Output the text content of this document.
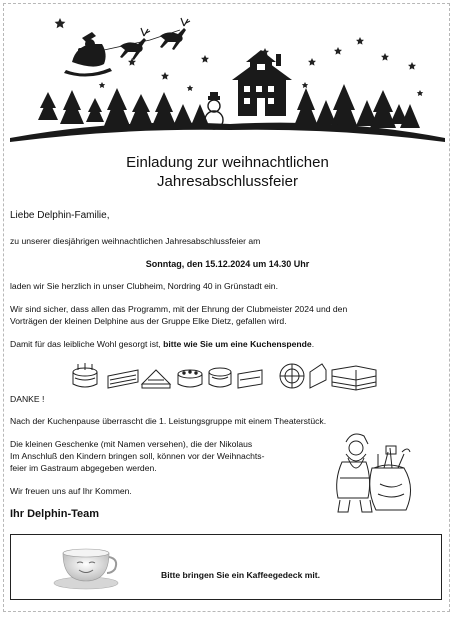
Einladung zur weihnachtlichen
Jahresabschlussfeier
Liebe Delphin-Familie,
zu unserer diesjährigen weihnachtlichen Jahresabschlussfeier am
Sonntag, den 15.12.2024 um 14.30 Uhr
laden wir Sie herzlich in unser Clubheim, Nordring 40 in Grünstadt ein.
Wir sind sicher, dass allen das Programm, mit der Ehrung der Clubmeister 2024 und den
Vorträgen der kleinen Delphine aus der Gruppe Elke Dietz, gefallen wird.
Damit für das leibliche Wohl gesorgt ist, bitte wie Sie um eine Kuchenspende.
DANKE !
Nach der Kuchenpause überrascht die 1. Leistungsgruppe mit einem Theaterstück.
Die kleinen Geschenke (mit Namen versehen), die der Nikolaus
Im Anschluß den Kindern bringen soll, können vor der Weihnachts-
feier im Gastraum abgegeben werden.
Wir freuen uns auf Ihr Kommen.
Ihr Delphin-Team
Bitte bringen Sie ein Kaffeegedeck mit.
